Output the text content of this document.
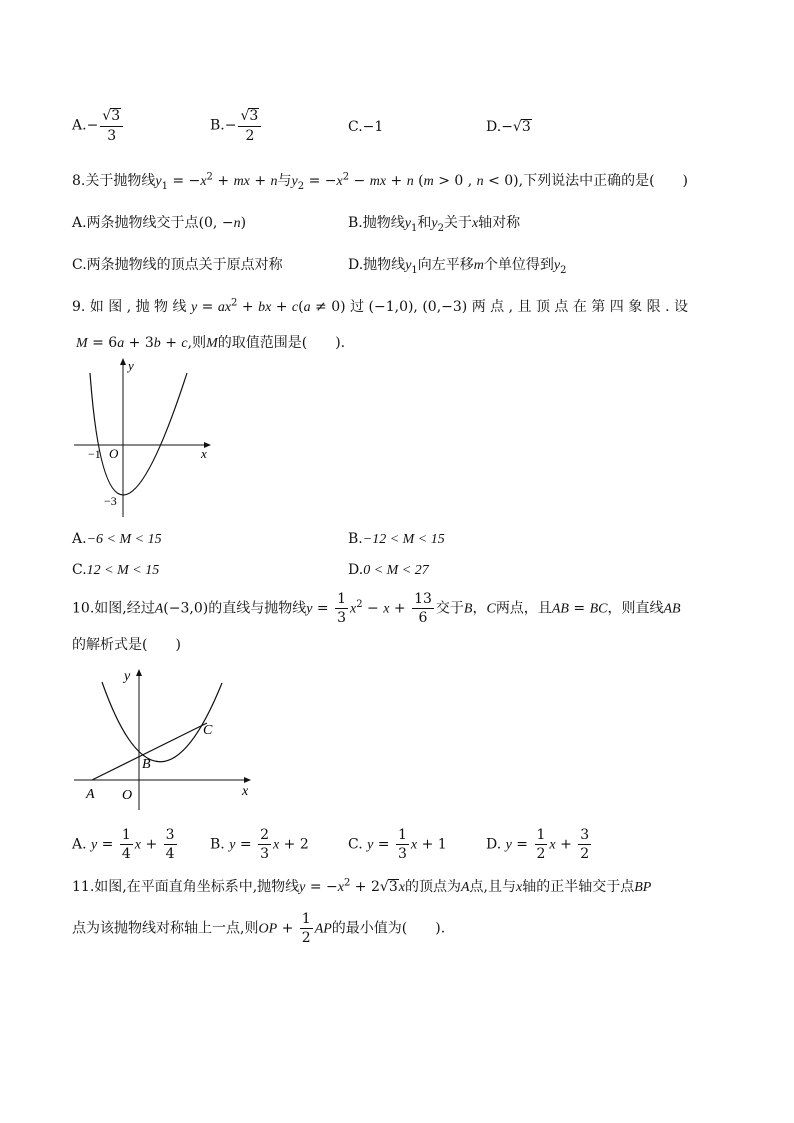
$A.- \frac{√3}{3}$	$B.- \frac{√3}{2}$	C.−1	D.−√3
8.关于抛物线$y_1 = -x^2$ + mx + n与$y_2 = -x^2$ − mx + n (m > 0 , n < 0),下列说法中正确的是(　　)
A.两条抛物线交于点(0, −n)	B.抛物线$y_1$和$y_2$关于x轴对称
C.两条抛物线的顶点关于原点对称	D.抛物线$y_1$向左平移m个单位得到$y_2$
9. 如 图 , 抛 物 线 $y = ax^2$ + bx + c(a ≠ 0) 过 (−1,0), (0,−3) 两 点 , 且 顶 点 在 第 四 象 限 . 设
M = 6a + 3b + c,则M的取值范围是(　　).
x
y
O
−1
−3
A.−6 < M < 15	B.−12 < M < 15
C.12 < M < 15	D.0 < M < 27
10.如图,经过A(−3,0)的直线与抛物线$y = \frac{1}{3} x^2 - x + \frac{13}{6}$ 交于B，C两点，且AB = BC，则直线AB
的解析式是(　　)
x
y
O
A
B
C
A. $y = \frac{1}{4}$ $x + \frac{3}{4} B$. $y = \frac{2}{3}$ x + 2	C. $y = \frac{1}{3}$ x + 1	D. $y = \frac{1}{2}$ $x + \frac{3}{2}$
11.如图,在平面直角坐标系中,抛物线$y = -x^2 + 2√3x$的顶点为A点,且与x轴的正半轴交于点BP
点为该抛物线对称轴上一点,则OP + $\frac{1}{2}$ AP的最小值为(　　).
